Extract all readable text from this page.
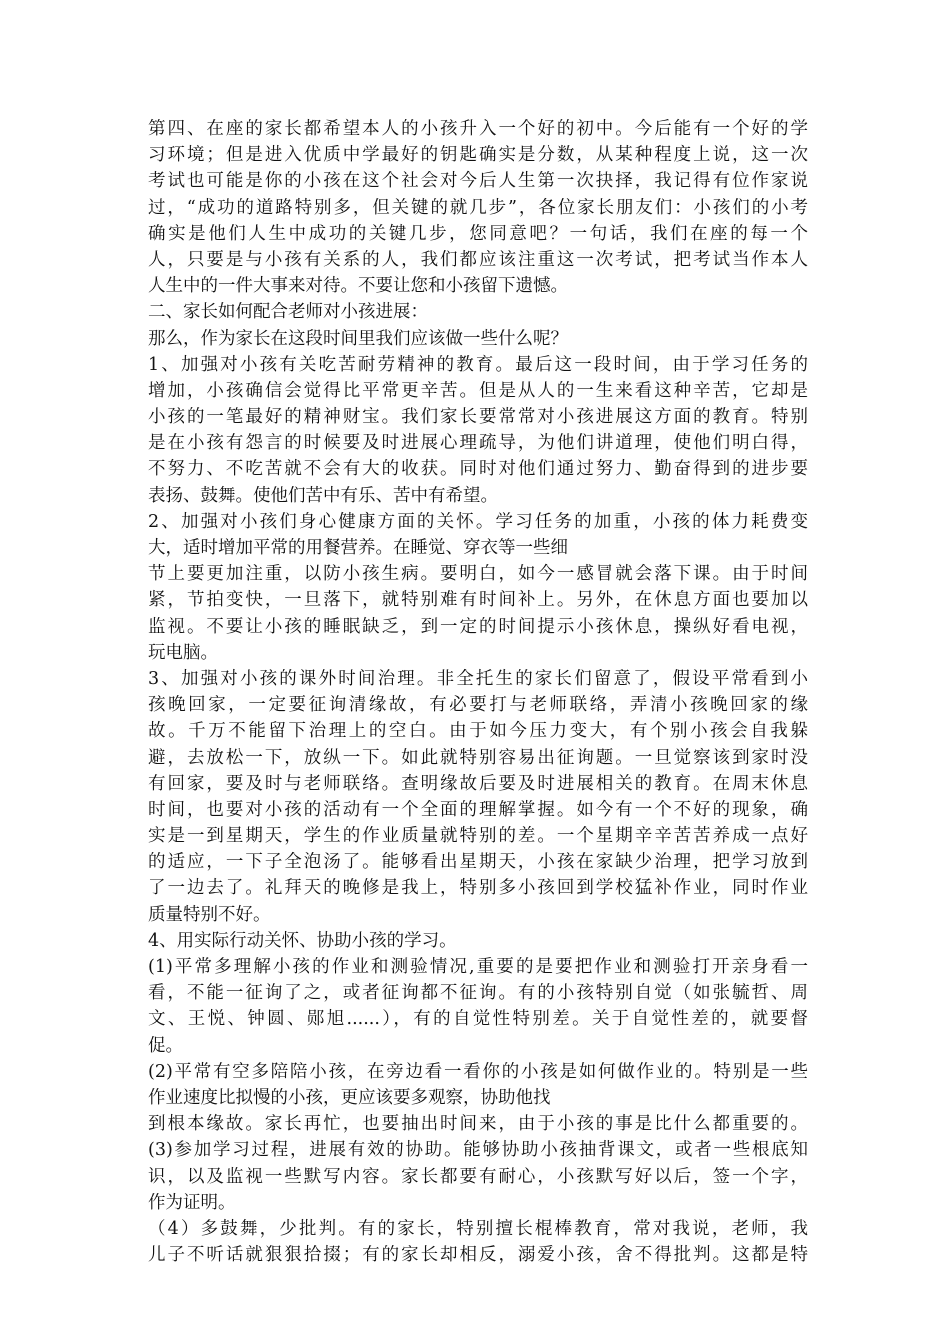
第四、在座的家长都希望本人的小孩升入一个好的初中。今后能有一个好的学
习环境；但是进入优质中学最好的钥匙确实是分数，从某种程度上说，这一次
考试也可能是你的小孩在这个社会对今后人生第一次抉择，我记得有位作家说
过，“成功的道路特别多，但关键的就几步”，各位家长朋友们：小孩们的小考
确实是他们人生中成功的关键几步，您同意吧？一句话，我们在座的每一个
人，只要是与小孩有关系的人，我们都应该注重这一次考试，把考试当作本人
人生中的一件大事来对待。不要让您和小孩留下遗憾。
二、家长如何配合老师对小孩进展：
那么，作为家长在这段时间里我们应该做一些什么呢？
1、加强对小孩有关吃苦耐劳精神的教育。最后这一段时间，由于学习任务的
增加，小孩确信会觉得比平常更辛苦。但是从人的一生来看这种辛苦，它却是
小孩的一笔最好的精神财宝。我们家长要常常对小孩进展这方面的教育。特别
是在小孩有怨言的时候要及时进展心理疏导，为他们讲道理，使他们明白得，
不努力、不吃苦就不会有大的收获。同时对他们通过努力、勤奋得到的进步要
表扬、鼓舞。使他们苦中有乐、苦中有希望。
2、加强对小孩们身心健康方面的关怀。学习任务的加重，小孩的体力耗费变
大，适时增加平常的用餐营养。在睡觉、穿衣等一些细
节上要更加注重，以防小孩生病。要明白，如今一感冒就会落下课。由于时间
紧，节拍变快，一旦落下，就特别难有时间补上。另外，在休息方面也要加以
监视。不要让小孩的睡眠缺乏，到一定的时间提示小孩休息，操纵好看电视，
玩电脑。
3、加强对小孩的课外时间治理。非全托生的家长们留意了，假设平常看到小
孩晚回家，一定要征询清缘故，有必要打与老师联络，弄清小孩晚回家的缘
故。千万不能留下治理上的空白。由于如今压力变大，有个别小孩会自我躲
避，去放松一下，放纵一下。如此就特别容易出征询题。一旦觉察该到家时没
有回家，要及时与老师联络。查明缘故后要及时进展相关的教育。在周末休息
时间，也要对小孩的活动有一个全面的理解掌握。如今有一个不好的现象，确
实是一到星期天，学生的作业质量就特别的差。一个星期辛辛苦苦养成一点好
的适应，一下子全泡汤了。能够看出星期天，小孩在家缺少治理，把学习放到
了一边去了。礼拜天的晚修是我上，特别多小孩回到学校猛补作业，同时作业
质量特别不好。
4、用实际行动关怀、协助小孩的学习。
(1)平常多理解小孩的作业和测验情况,重要的是要把作业和测验打开亲身看一
看，不能一征询了之，或者征询都不征询。有的小孩特别自觉（如张毓哲、周
文、王悦、钟圆、郧旭......），有的自觉性特别差。关于自觉性差的，就要督
促。
(2)平常有空多陪陪小孩，在旁边看一看你的小孩是如何做作业的。特别是一些
作业速度比拟慢的小孩，更应该要多观察，协助他找
到根本缘故。家长再忙，也要抽出时间来，由于小孩的事是比什么都重要的。
(3)参加学习过程，进展有效的协助。能够协助小孩抽背课文，或者一些根底知
识，以及监视一些默写内容。家长都要有耐心，小孩默写好以后，签一个字，
作为证明。
（4）多鼓舞，少批判。有的家长，特别擅长棍棒教育，常对我说，老师，我
儿子不听话就狠狠拾掇；有的家长却相反，溺爱小孩，舍不得批判。这都是特
